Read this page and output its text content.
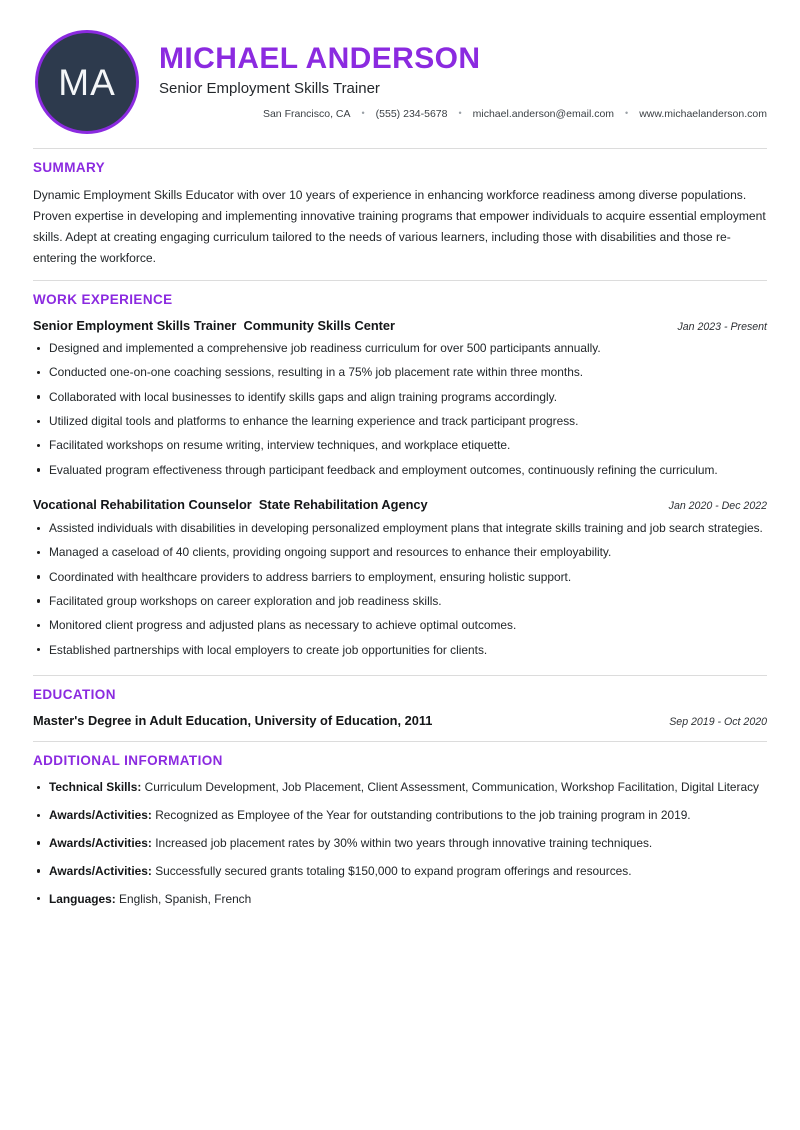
MA
MICHAEL ANDERSON
Senior Employment Skills Trainer
San Francisco, CA • (555) 234-5678 • michael.anderson@email.com • www.michaelanderson.com
SUMMARY

Dynamic Employment Skills Educator with over 10 years of experience in enhancing workforce readiness among diverse populations. Proven expertise in developing and implementing innovative training programs that empower individuals to acquire essential employment skills. Adept at creating engaging curriculum tailored to the needs of various learners, including those with disabilities and those re-entering the workforce.

WORK EXPERIENCE
Senior Employment Skills Trainer Community Skills Center	Jan 2023 - Present
Designed and implemented a comprehensive job readiness curriculum for over 500 participants annually.
Conducted one-on-one coaching sessions, resulting in a 75% job placement rate within three months.
Collaborated with local businesses to identify skills gaps and align training programs accordingly.
Utilized digital tools and platforms to enhance the learning experience and track participant progress.
Facilitated workshops on resume writing, interview techniques, and workplace etiquette.
Evaluated program effectiveness through participant feedback and employment outcomes, continuously refining the curriculum.
Vocational Rehabilitation Counselor State Rehabilitation Agency	Jan 2020 - Dec 2022
Assisted individuals with disabilities in developing personalized employment plans that integrate skills training and job search strategies.
Managed a caseload of 40 clients, providing ongoing support and resources to enhance their employability.
Coordinated with healthcare providers to address barriers to employment, ensuring holistic support.
Facilitated group workshops on career exploration and job readiness skills.
Monitored client progress and adjusted plans as necessary to achieve optimal outcomes.
Established partnerships with local employers to create job opportunities for clients.
EDUCATION
Master's Degree in Adult Education, University of Education, 2011	Sep 2019 - Oct 2020
ADDITIONAL INFORMATION
Technical Skills: Curriculum Development, Job Placement, Client Assessment, Communication, Workshop Facilitation, Digital Literacy
Awards/Activities: Recognized as Employee of the Year for outstanding contributions to the job training program in 2019.
Awards/Activities: Increased job placement rates by 30% within two years through innovative training techniques.
Awards/Activities: Successfully secured grants totaling $150,000 to expand program offerings and resources.
Languages: English, Spanish, French
